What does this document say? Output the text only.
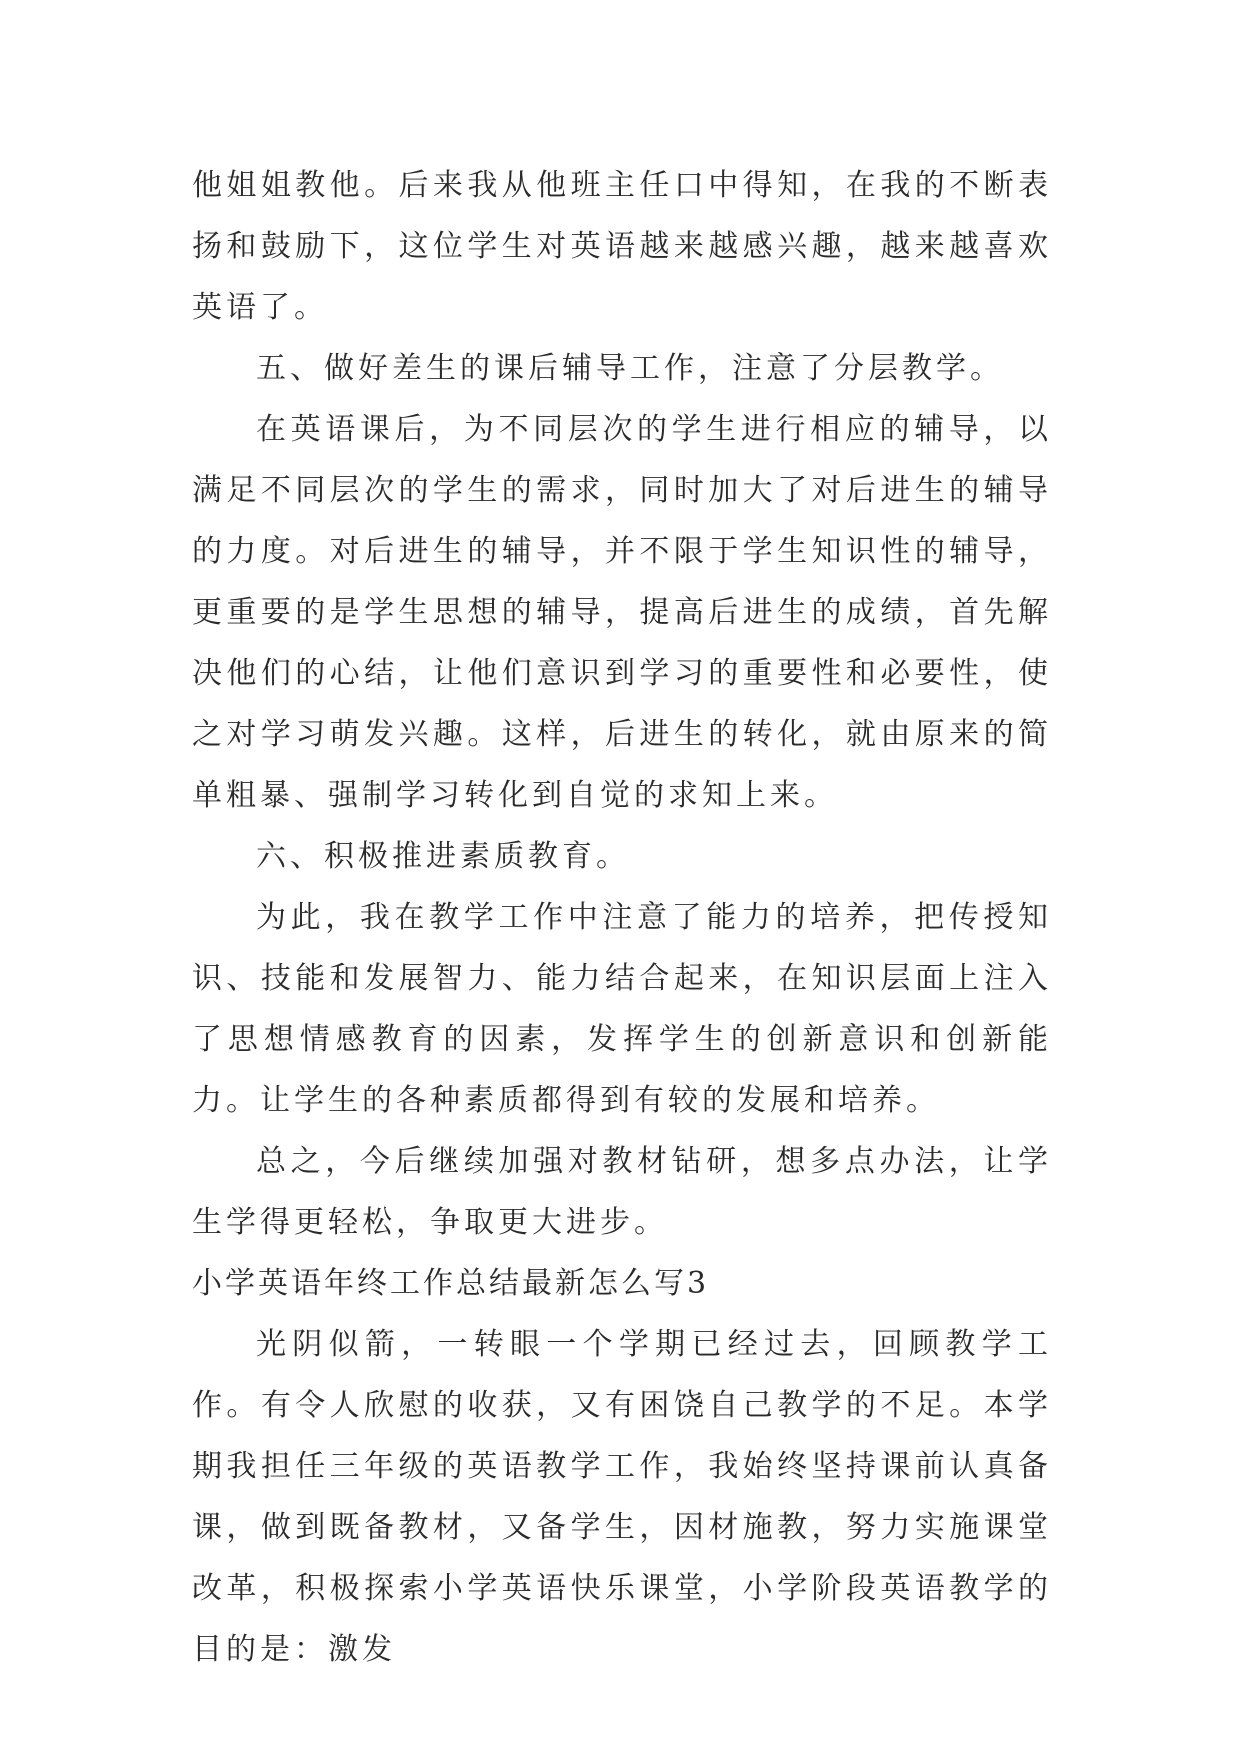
他姐姐教他。后来我从他班主任口中得知，在我的不断表扬和鼓励下，这位学生对英语越来越感兴趣，越来越喜欢英语了。

五、做好差生的课后辅导工作，注意了分层教学。

在英语课后，为不同层次的学生进行相应的辅导，以满足不同层次的学生的需求，同时加大了对后进生的辅导的力度。对后进生的辅导，并不限于学生知识性的辅导，更重要的是学生思想的辅导，提高后进生的成绩，首先解决他们的心结，让他们意识到学习的重要性和必要性，使之对学习萌发兴趣。这样，后进生的转化，就由原来的简单粗暴、强制学习转化到自觉的求知上来。

六、积极推进素质教育。

为此，我在教学工作中注意了能力的培养，把传授知识、技能和发展智力、能力结合起来，在知识层面上注入了思想情感教育的因素，发挥学生的创新意识和创新能力。让学生的各种素质都得到有较的发展和培养。

总之，今后继续加强对教材钻研，想多点办法，让学生学得更轻松，争取更大进步。

小学英语年终工作总结最新怎么写3

光阴似箭，一转眼一个学期已经过去，回顾教学工作。有令人欣慰的收获，又有困饶自己教学的不足。本学期我担任三年级的英语教学工作，我始终坚持课前认真备课，做到既备教材，又备学生，因材施教，努力实施课堂改革，积极探索小学英语快乐课堂，小学阶段英语教学的目的是：激发
